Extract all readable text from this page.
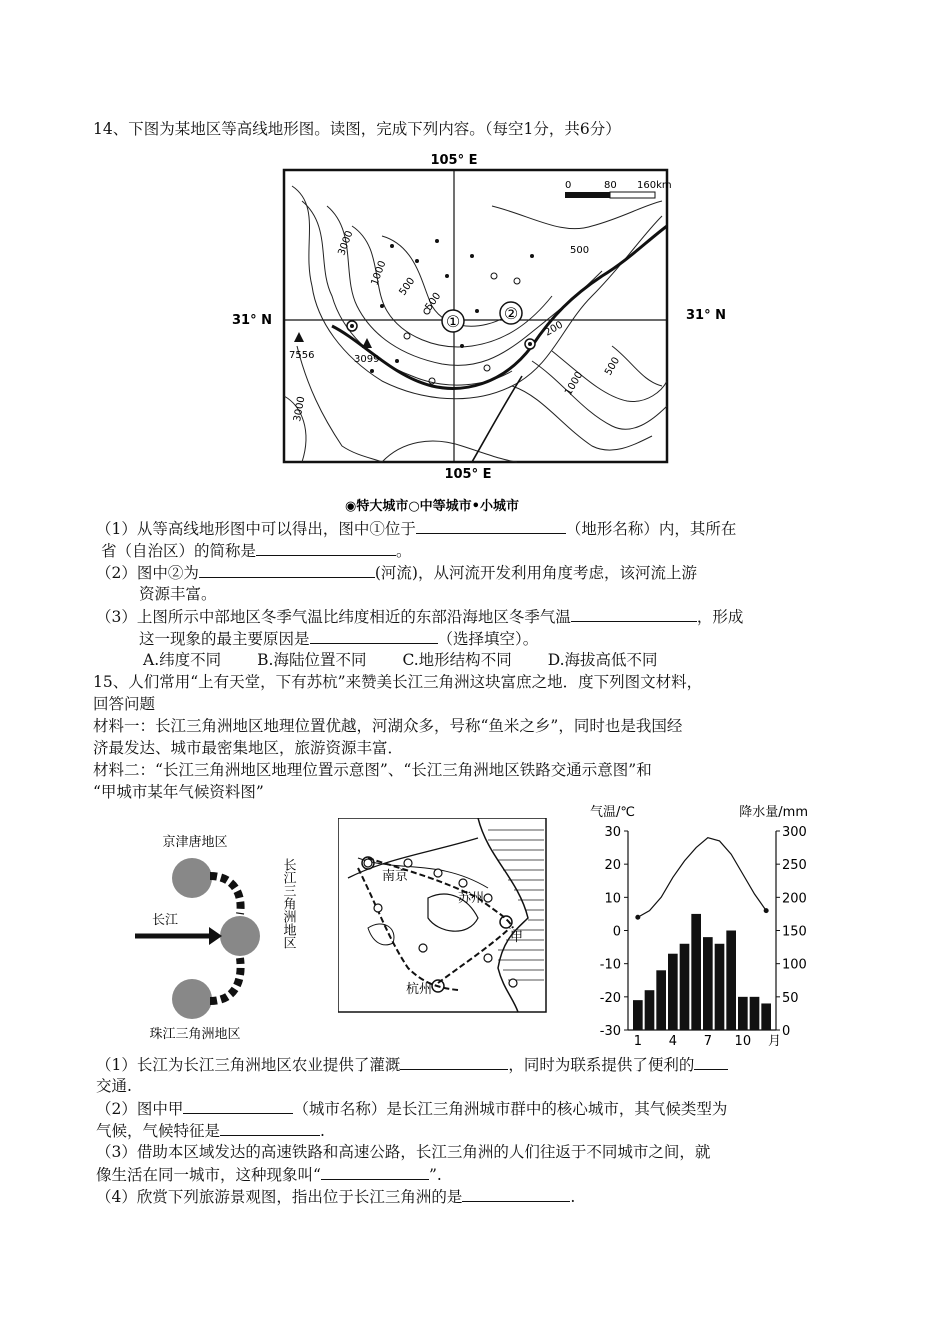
14、下图为某地区等高线地形图。读图，完成下列内容。（每空1分，共6分）
105° E
31° N	31° N
0	80 160km
3000
1000 500
500
500
200
1000
500
3000
7556	3099
①	②
105° E
◉特大城市○中等城市•小城市
（1）从等高线地形图中可以得出，图中①位于	（地形名称）内，其所在
省（自治区）的简称是	。
（2）图中②为	(河流)，从河流开发利用角度考虑，该河流上游
资源丰富。
（3）上图所示中部地区冬季气温比纬度相近的东部沿海地区冬季气温	，形成
这一现象的最主要原因是	（选择填空）。
A.纬度不同 B.海陆位置不同 C.地形结构不同 D.海拔高低不同
15、人们常用“上有天堂，下有苏杭”来赞美长江三角洲这块富庶之地．度下列图文材料，
回答问题
材料一：长江三角洲地区地理位置优越，河湖众多，号称“鱼米之乡”，同时也是我国经
济最发达、城市最密集地区，旅游资源丰富．
材料二：“长江三角洲地区地理位置示意图”、“长江三角洲地区铁路交通示意图”和
“甲城市某年气候资料图”
京津唐地区
长江
珠江三角洲地区
长江三角洲地区	南京
苏州
杭州
甲
气温/℃	降水量/mm
30
20
10
0
-10
-20
-30
300
250
200
150
100
50
0
1 4 7 10 月
（1）长江为长江三角洲地区农业提供了灌溉	，同时为联系提供了便利的
交通.
（2）图中甲	（城市名称）是长江三角洲城市群中的核心城市，其气候类型为
气候，气候特征是	.
（3）借助本区域发达的高速铁路和高速公路，长江三角洲的人们往返于不同城市之间，就
像生活在同一城市，这种现象叫“	”.
（4）欣赏下列旅游景观图，指出位于长江三角洲的是	.
